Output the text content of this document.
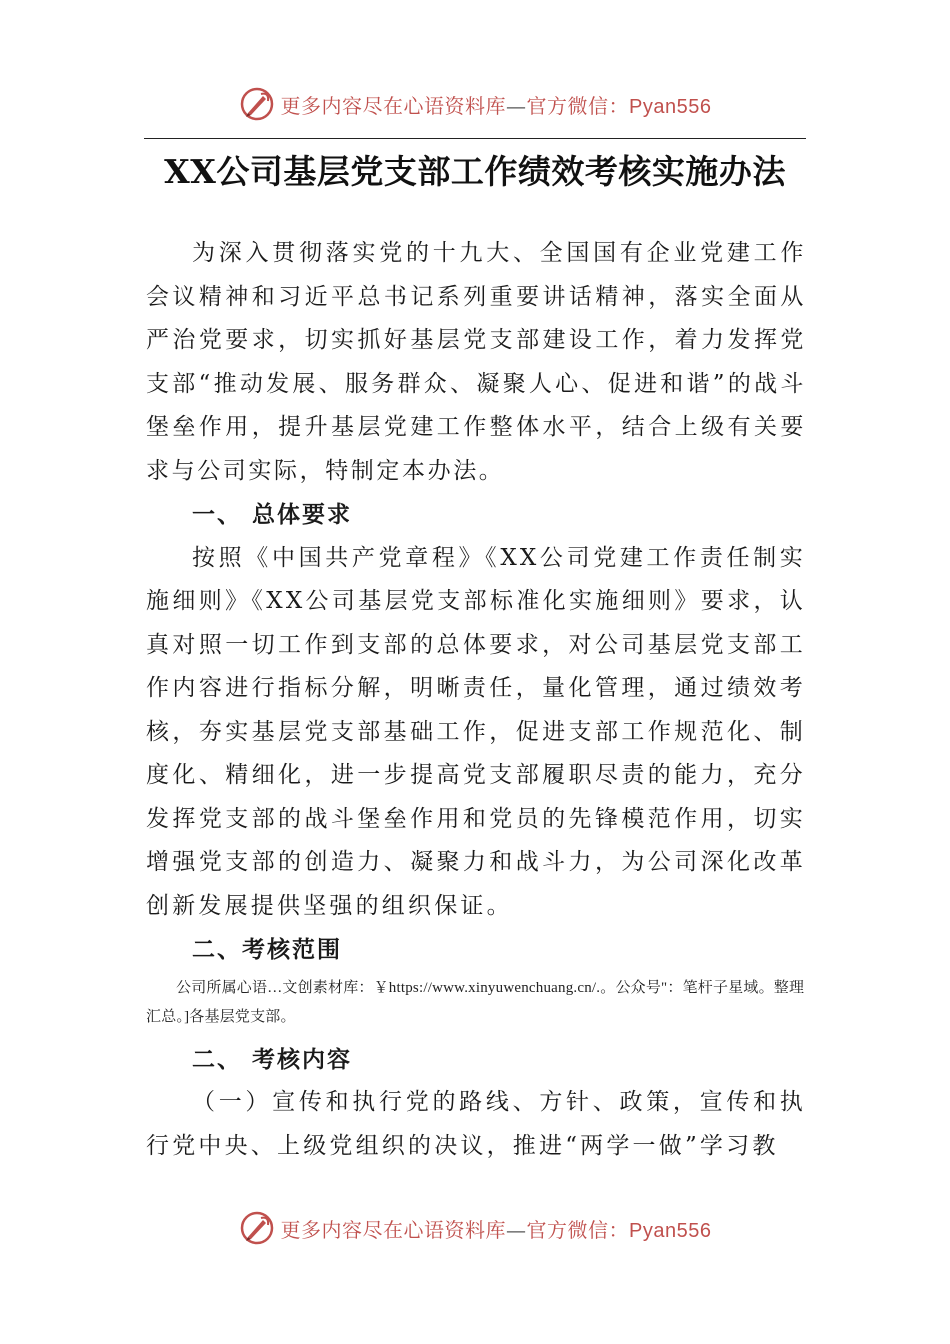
更多内容尽在心语资料库—官方微信：Pyan556
XX公司基层党支部工作绩效考核实施办法

为深入贯彻落实党的十九大、全国国有企业党建工作会议精神和习近平总书记系列重要讲话精神，落实全面从严治党要求，切实抓好基层党支部建设工作，着力发挥党支部“推动发展、服务群众、凝聚人心、促进和谐”的战斗堡垒作用，提升基层党建工作整体水平，结合上级有关要求与公司实际，特制定本办法。

一、 总体要求

按照《中国共产党章程》《XX公司党建工作责任制实施细则》《XX公司基层党支部标准化实施细则》要求，认真对照一切工作到支部的总体要求，对公司基层党支部工作内容进行指标分解，明晰责任，量化管理，通过绩效考核，夯实基层党支部基础工作，促进支部工作规范化、制度化、精细化，进一步提高党支部履职尽责的能力，充分发挥党支部的战斗堡垒作用和党员的先锋模范作用，切实增强党支部的创造力、凝聚力和战斗力，为公司深化改革创新发展提供坚强的组织保证。

二、考核范围

公司所属心语…文创素材库：￥https://www.xinyuwenchuang.cn/.。公众号"：笔杆子星域。整理汇总。]各基层党支部。

二、 考核内容

（一）宣传和执行党的路线、方针、政策，宣传和执行党中央、上级党组织的决议，推进“两学一做”学习教

更多内容尽在心语资料库—官方微信：Pyan556
